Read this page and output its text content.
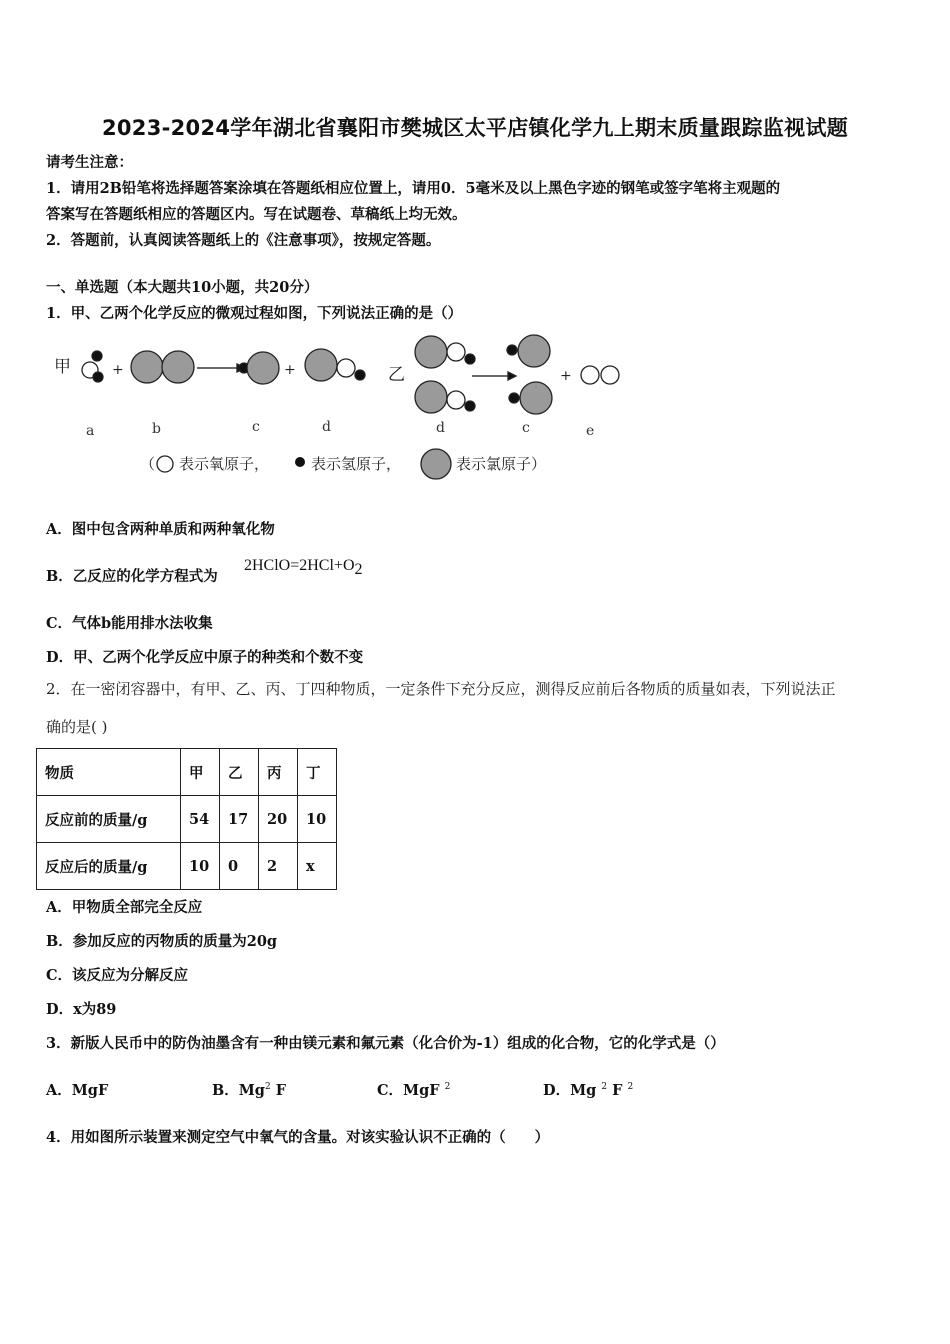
2023-2024学年湖北省襄阳市樊城区太平店镇化学九上期末质量跟踪监视试题
请考生注意：
1．请用2B铅笔将选择题答案涂填在答题纸相应位置上，请用0．5毫米及以上黑色字迹的钢笔或签字笔将主观题的
答案写在答题纸相应的答题区内。写在试题卷、草稿纸上均无效。
2．答题前，认真阅读答题纸上的《注意事项》，按规定答题。
一、单选题（本大题共10小题，共20分）
1．甲、乙两个化学反应的微观过程如图，下列说法正确的是（）
甲	+	+	乙	+
a	b	c	d	d	c	e
（ 表示氧原子，	表示氢原子，	表示氯原子）
A．图中包含两种单质和两种氧化物
B．乙反应的化学方程式为
2HClO=2HCl+O2
C．气体b能用排水法收集
D．甲、乙两个化学反应中原子的种类和个数不变
2．在一密闭容器中，有甲、乙、丙、丁四种物质，一定条件下充分反应，测得反应前后各物质的质量如表，下列说法正
确的是( )
物质	甲	乙	丙	丁
反应前的质量/g	54	17	20	10
反应后的质量/g	10	0	2	x
A．甲物质全部完全反应
B．参加反应的丙物质的质量为20g
C．该反应为分解反应
D．x为89
3．新版人民币中的防伪油墨含有一种由镁元素和氟元素（化合价为-1）组成的化合物，它的化学式是（）
A．MgF	B．Mg$^2$ F	C．MgF $^2$	D．Mg $^2$ F $^2$
4．用如图所示装置来测定空气中氧气的含量。对该实验认识不正确的（　　）
